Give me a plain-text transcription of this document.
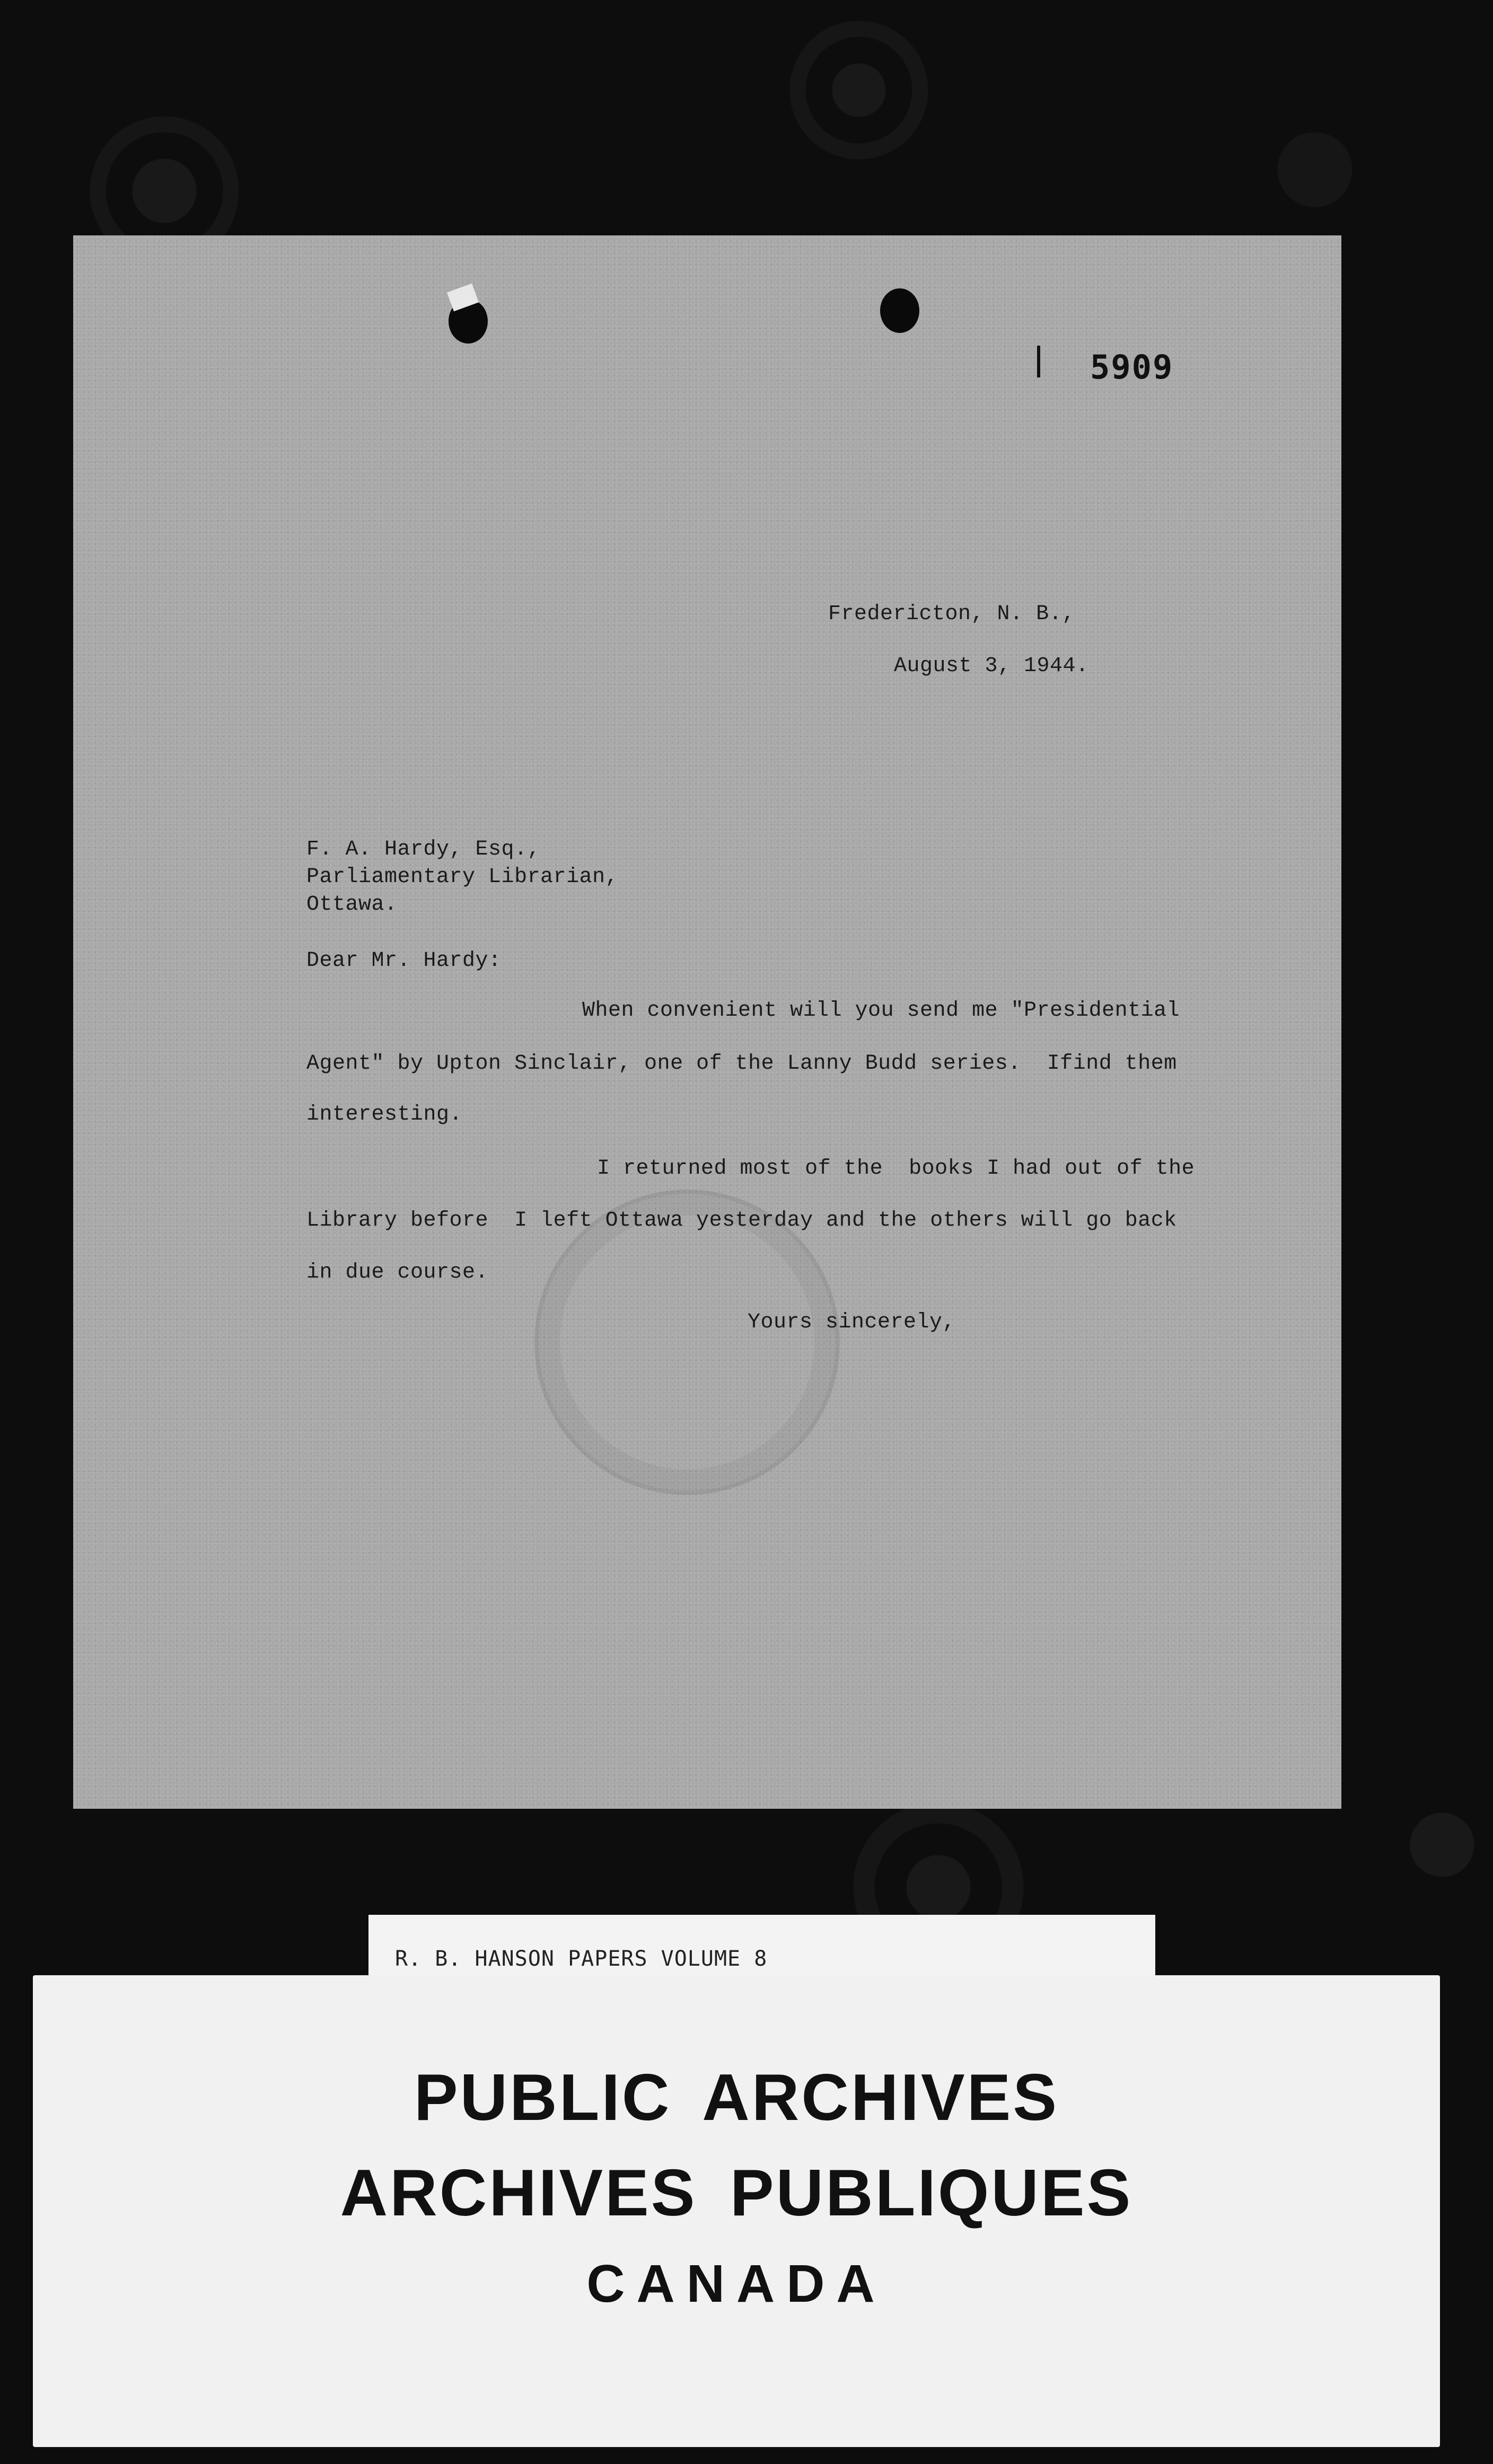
5909
Fredericton, N. B.,
August 3, 1944.
F. A. Hardy, Esq.,
Parliamentary Librarian,
Ottawa.
Dear Mr. Hardy:
When convenient will you send me "Presidential
Agent" by Upton Sinclair, one of the Lanny Budd series.  Ifind them
interesting.
I returned most of the  books I had out of the
Library before  I left Ottawa yesterday and the others will go back
in due course.
Yours sincerely,
R. B. HANSON PAPERS VOLUME 8
PUBLIC ARCHIVES
ARCHIVES PUBLIQUES
CANADA
